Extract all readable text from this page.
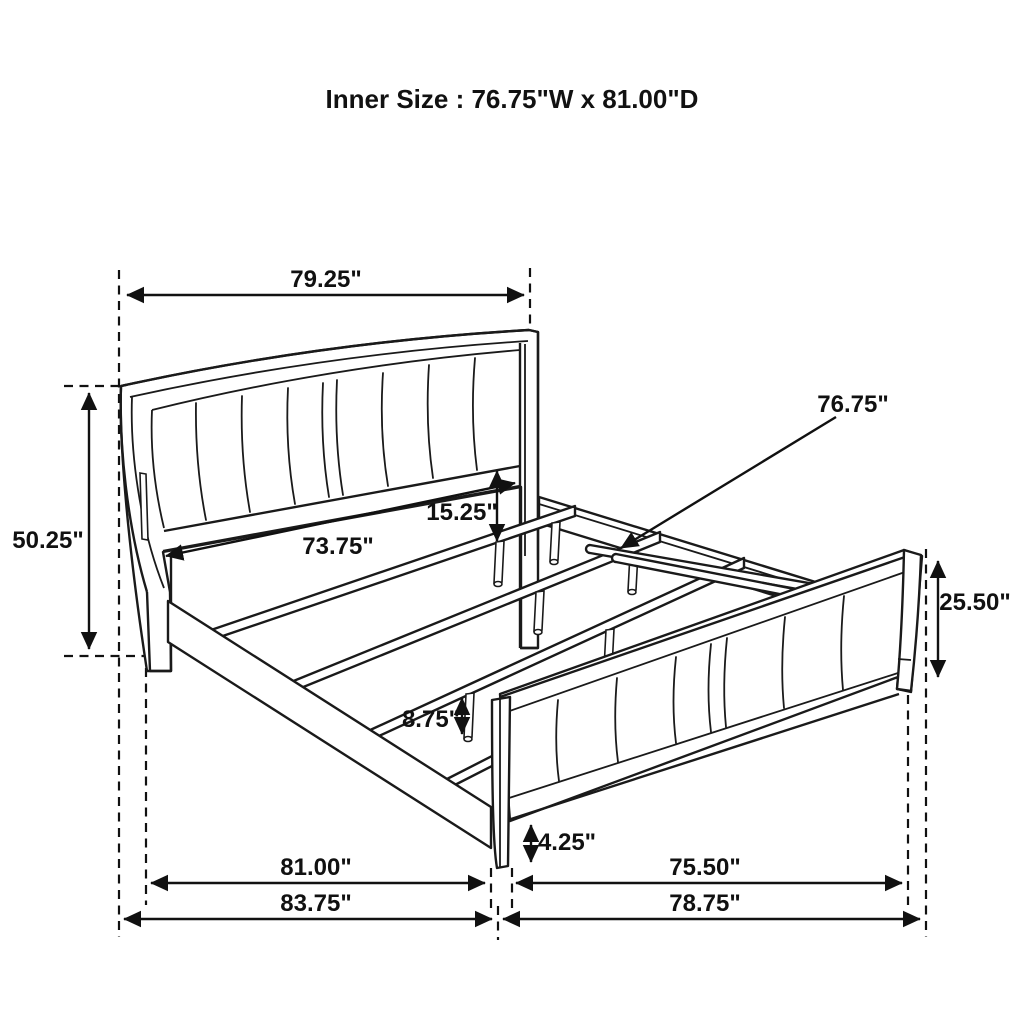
Inner Size : 76.75"W x 81.00"D
79.25"
50.25"	73.75"
15.25"
76.75"
25.50"
8.75"
4.25"
81.00"
83.75"
75.50"
78.75"
